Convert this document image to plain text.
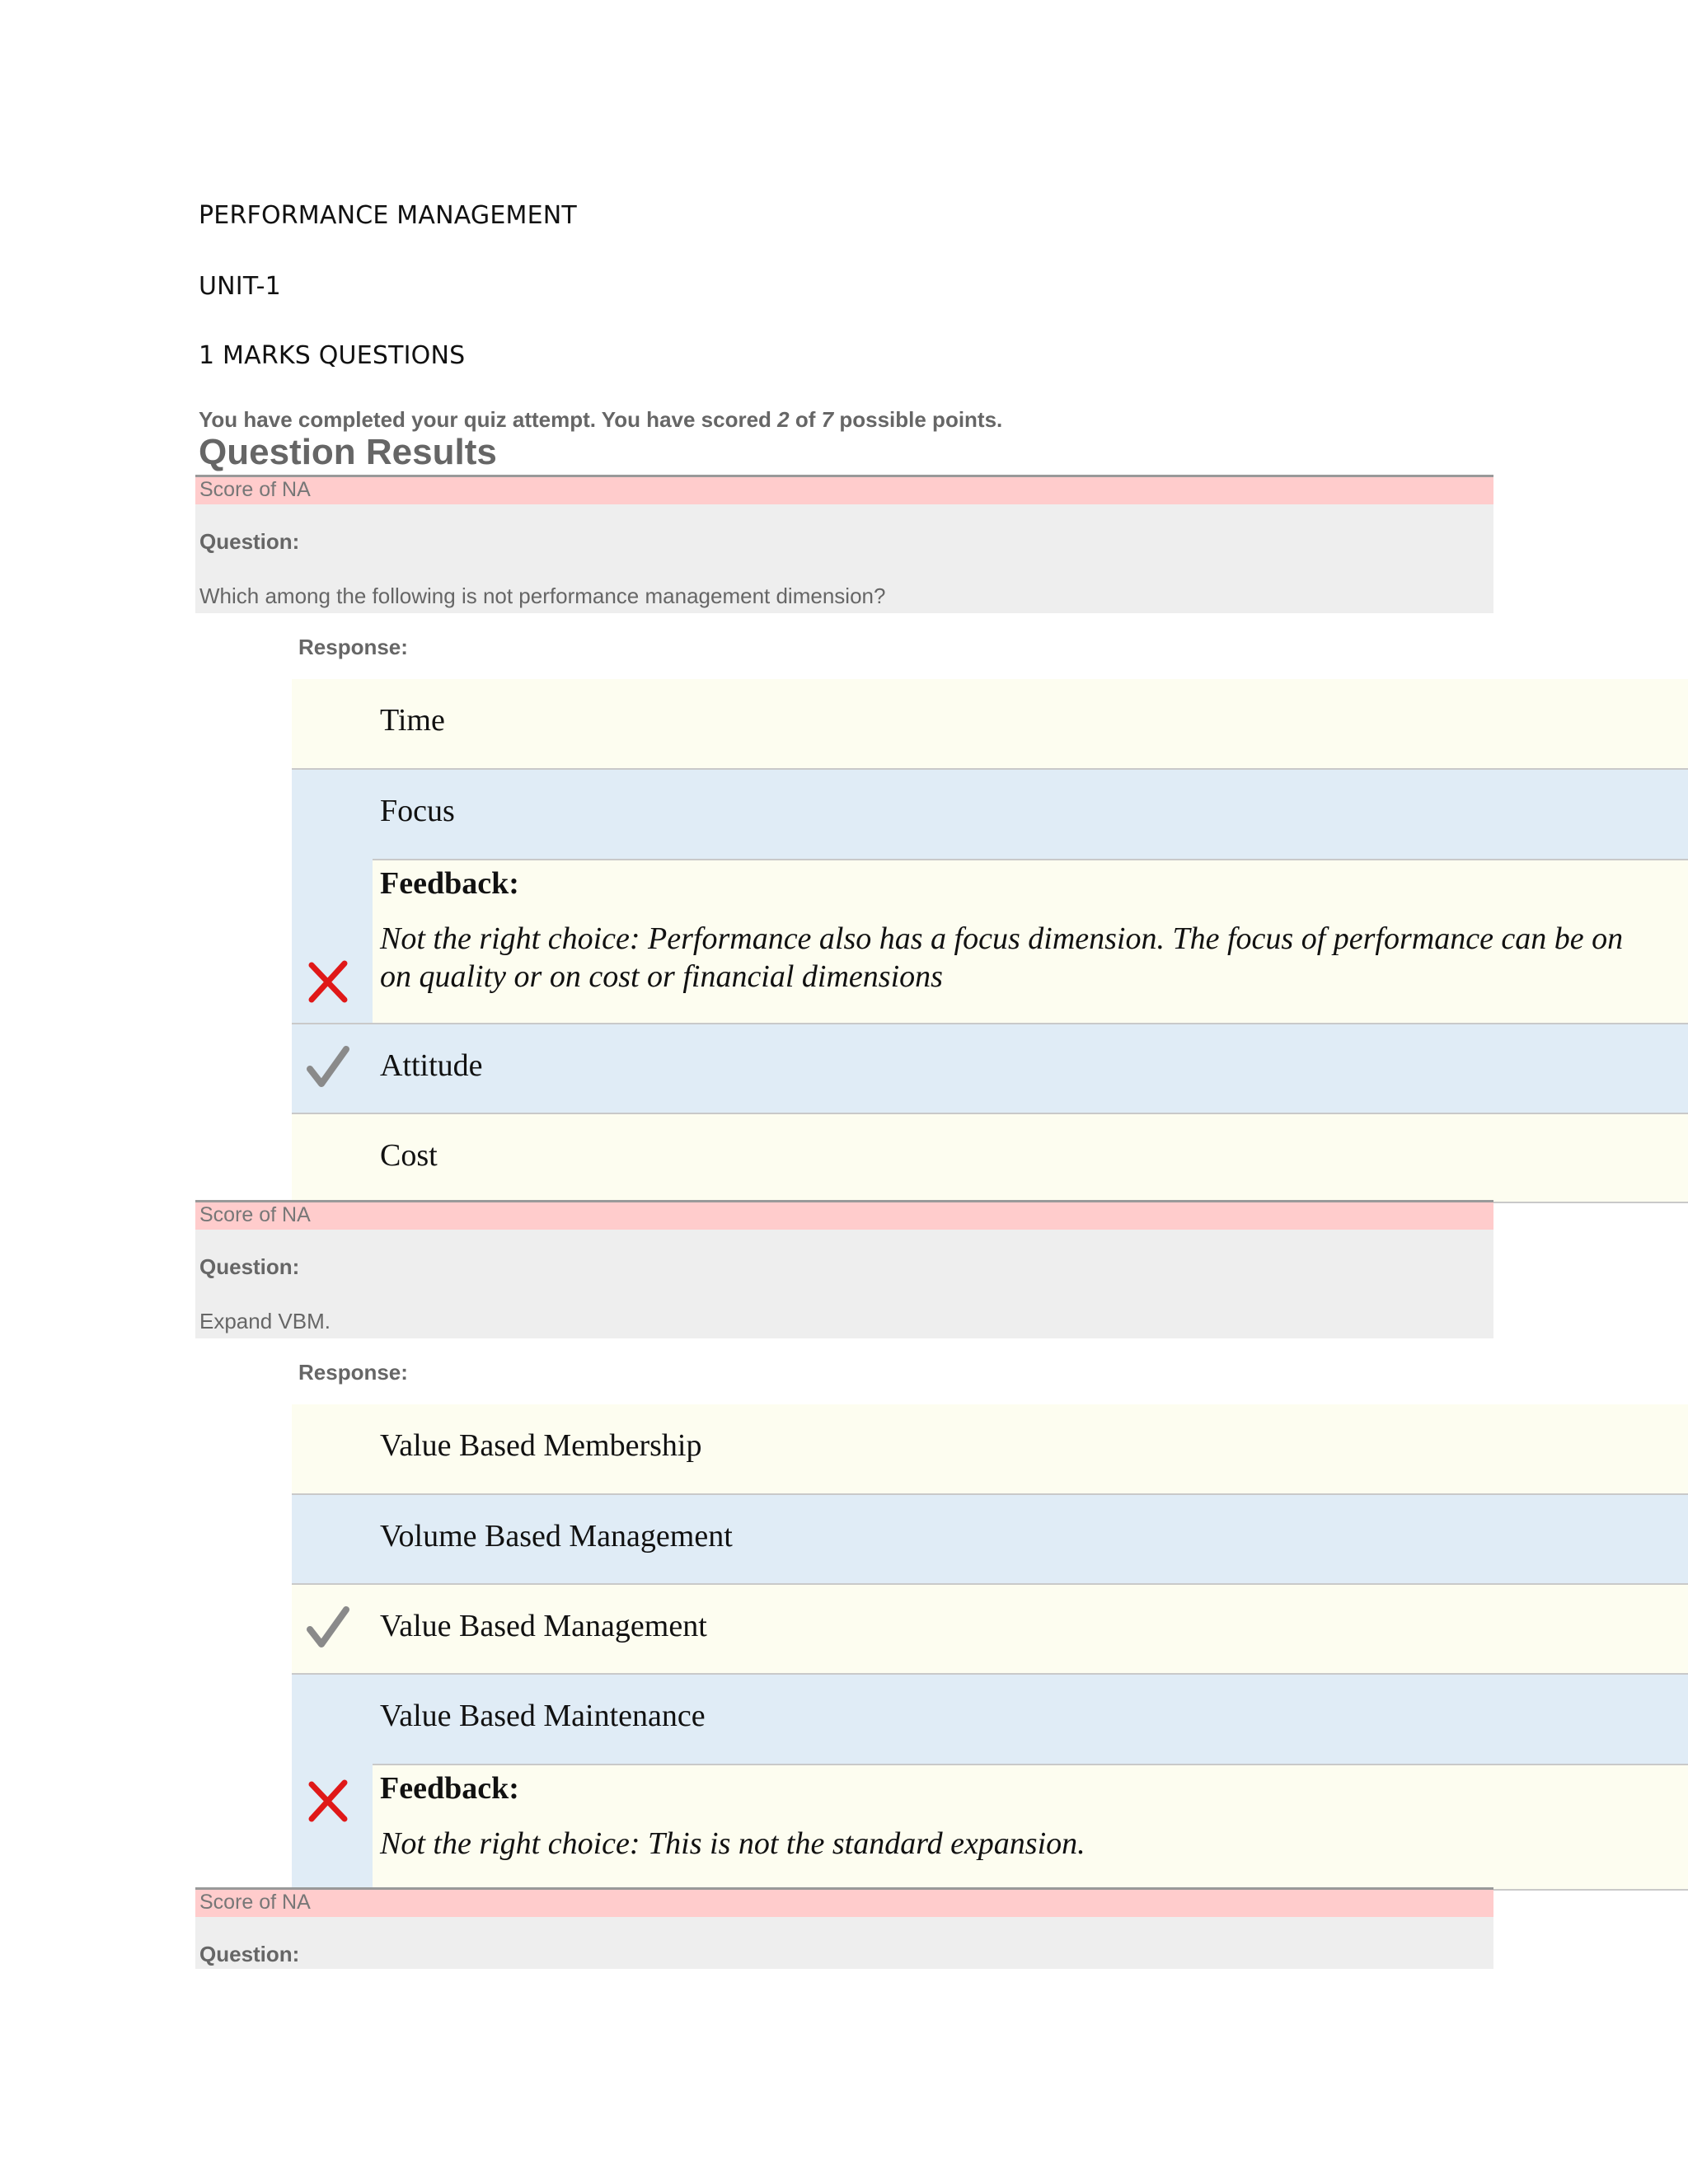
PERFORMANCE MANAGEMENT
UNIT-1
1 MARKS QUESTIONS
You have completed your quiz attempt. You have scored 2 of 7 possible points.
Question Results
Score of NA
Question:
Which among the following is not performance management dimension?
Response:
Time
Focus
Feedback:
Not the right choice: Performance also has a focus dimension. The focus of performance can be on
on quality or on cost or financial dimensions
Attitude
Cost
Score of NA
Question:
Expand VBM.
Response:
Value Based Membership
Volume Based Management
Value Based Management
Value Based Maintenance
Feedback:
Not the right choice: This is not the standard expansion.
Score of NA
Question:
